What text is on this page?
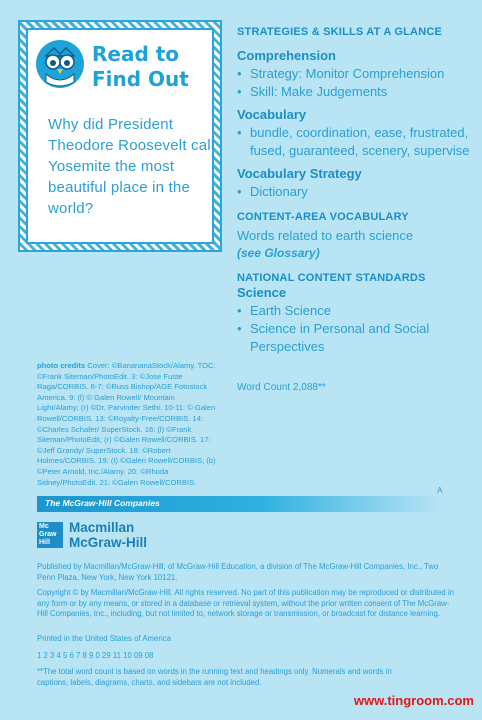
Read to Find Out
Why did President Theodore Roosevelt call Yosemite the most beautiful place in the world?
STRATEGIES & SKILLS AT A GLANCE
Comprehension
• Strategy: Monitor Comprehension
• Skill: Make Judgements
Vocabulary
• bundle, coordination, ease, frustrated, fused, guaranteed, scenery, supervise
Vocabulary Strategy
• Dictionary
CONTENT-AREA VOCABULARY
Words related to earth science
(see Glossary)
NATIONAL CONTENT STANDARDS
Science
• Earth Science
• Science in Personal and Social Perspectives
Word Count 2,088**
photo credits Cover: ©BanananaStock/Alamy. TOC: ©Frank Siteman/PhotoEdit. 3: ©Jose Fuste Raga/CORBIS. 6-7: ©Russ Bishop/AGE Fotostock America. 9: (l) © Galen Rowell/ Mountain Light/Alamy; (r) ©Dr. Parvinder Sethi. 10-11: © Galen Rowell/CORBIS. 13: ©Royalty-Free/CORBIS. 14: ©Charles Schafer/ SuperStock. 16: (l) ©Frank Siteman/PhotoEdit; (r) ©Galen Rowell/CORBIS. 17: ©Jeff Grandy/ SuperStock. 18: ©Robert Holmes/CORBIS. 19: (t) ©Galen Rowell/CORBIS; (b) ©Peter Arnold, Inc./Alamy. 20: ©Rhoda Sidney/PhotoEdit. 21: ©Galen Rowell/CORBIS.
A
The McGraw·Hill Companies
Mc Graw Hill
Macmillan
McGraw-Hill
Published by Macmillan/McGraw-Hill, of McGraw-Hill Education, a division of The McGraw-Hill Companies, Inc., Two Penn Plaza, New York, New York 10121.
Copyright © by Macmillan/McGraw-Hill. All rights reserved. No part of this publication may be reproduced or distributed in any form or by any means, or stored in a database or retrieval system, without the prior written consent of The McGraw-Hill Companies, Inc., including, but not limited to, network storage or transmission, or broadcast for distance learning.
Printed in the United States of America
1 2 3 4 5 6 7 8 9 0 29 11 10 09 08
**The total word count is based on words in the running text and headings only. Numerals and words in captions, labels, diagrams, charts, and sidebars are not included.
www.tingroom.com
